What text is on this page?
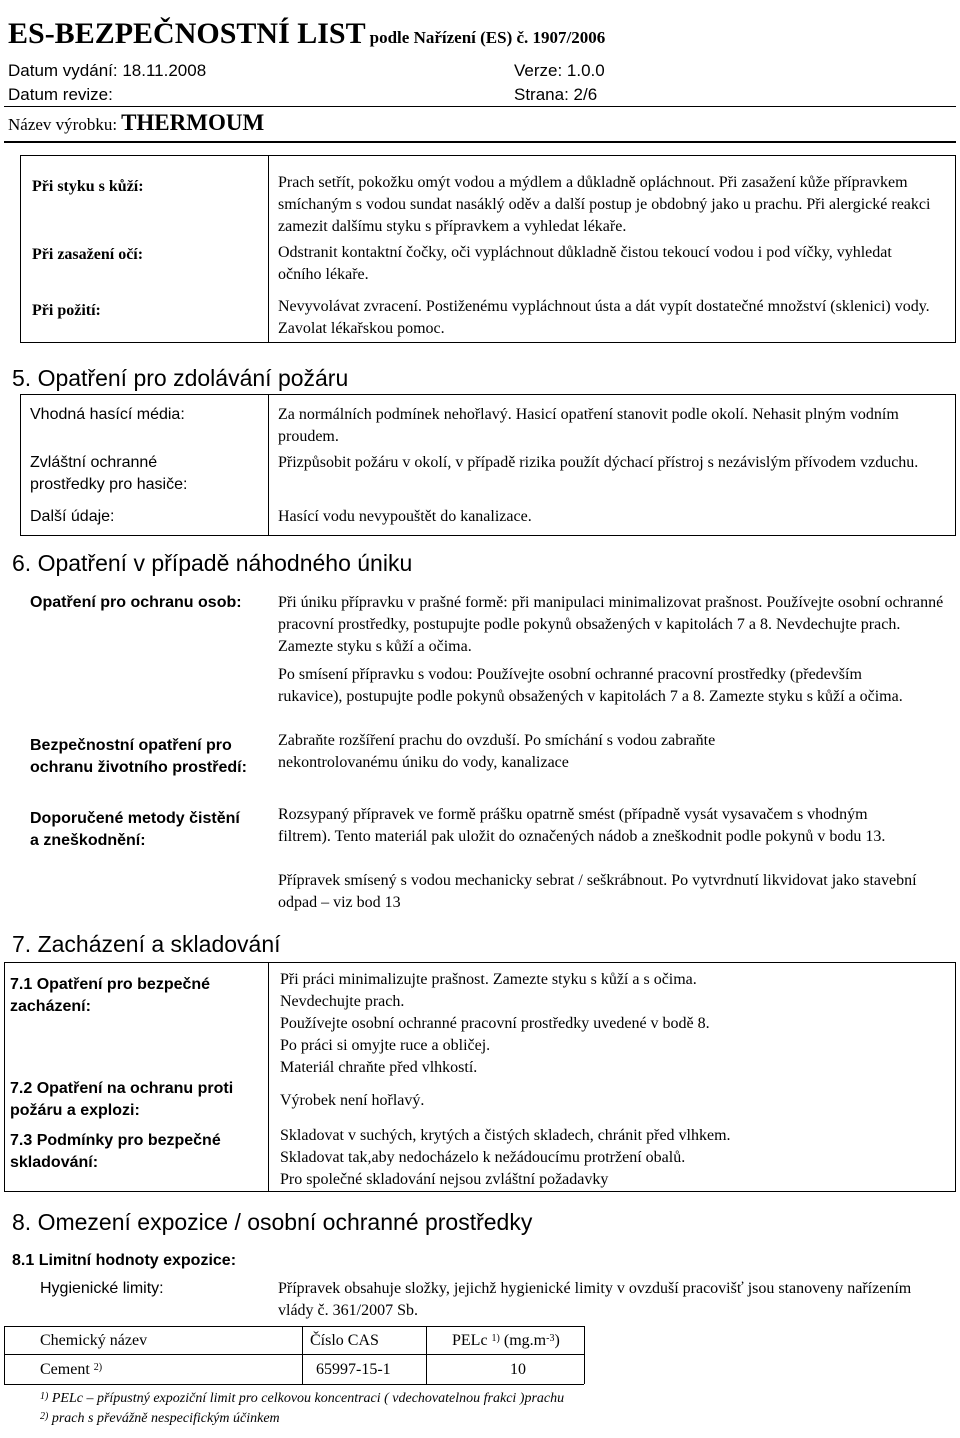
ES-BEZPEČNOSTNÍ LIST podle Nařízení (ES) č. 1907/2006
Datum vydání: 18.11.2008	Verze: 1.0.0
Datum revize:	Strana: 2/6
Název výrobku: THERMOUM
Při styku s kůží:	Prach setřít, pokožku omýt vodou a mýdlem a důkladně opláchnout. Při zasažení kůže přípravkem smíchaným s vodou sundat nasáklý oděv a další postup je obdobný jako u prachu. Při alergické reakci zamezit dalšímu styku s přípravkem a vyhledat lékaře.
Při zasažení očí:	Odstranit kontaktní čočky, oči vypláchnout důkladně čistou tekoucí vodou i pod víčky, vyhledat očního lékaře.
Při požití:	Nevyvolávat zvracení. Postiženému vypláchnout ústa a dát vypít dostatečné množství (sklenici) vody. Zavolat lékařskou pomoc.
5. Opatření pro zdolávání požáru
Vhodná hasící média:	Za normálních podmínek nehořlavý. Hasicí opatření stanovit podle okolí. Nehasit plným vodním proudem.
Zvláštní ochranné prostředky pro hasiče:
Přizpůsobit požáru v okolí, v případě rizika použít dýchací přístroj s nezávislým přívodem vzduchu.
Další údaje:	Hasící vodu nevypouštět do kanalizace.
6. Opatření v případě náhodného úniku
Opatření pro ochranu osob: Při úniku přípravku v prašné formě: při manipulaci minimalizovat prašnost. Používejte osobní ochranné pracovní prostředky, postupujte podle pokynů obsažených v kapitolách 7 a 8. Nevdechujte prach. Zamezte styku s kůží a očima.
Po smísení přípravku s vodou: Používejte osobní ochranné pracovní prostředky (především rukavice), postupujte podle pokynů obsažených v kapitolách 7 a 8. Zamezte styku s kůží a očima.
Bezpečnostní opatření pro ochranu životního prostředí:
Zabraňte rozšíření prachu do ovzduší. Po smíchání s vodou zabraňte nekontrolovanému úniku do vody, kanalizace
Doporučené metody čistění a zneškodnění:
Rozsypaný přípravek ve formě prášku opatrně smést (případně vysát vysavačem s vhodným filtrem). Tento materiál pak uložit do označených nádob a zneškodnit podle pokynů v bodu 13.
Přípravek smísený s vodou mechanicky sebrat / seškrábnout. Po vytvrdnutí likvidovat jako stavební odpad – viz bod 13
7. Zacházení a skladování
7.1 Opatření pro bezpečné zacházení:
Při práci minimalizujte prašnost. Zamezte styku s kůží a s očima.
Nevdechujte prach.
Používejte osobní ochranné pracovní prostředky uvedené v bodě 8.
Po práci si omyjte ruce a obličej.
Materiál chraňte před vlhkostí.
7.2 Opatření na ochranu proti požáru a explozi:
Výrobek není hořlavý.
7.3 Podmínky pro bezpečné skladování:
Skladovat v suchých, krytých a čistých skladech, chránit před vlhkem.
Skladovat tak,aby nedocházelo k nežádoucímu protržení obalů.
Pro společné skladování nejsou zvláštní požadavky
8. Omezení expozice / osobní ochranné prostředky
8.1 Limitní hodnoty expozice:
Hygienické limity:	Přípravek obsahuje složky, jejichž hygienické limity v ovzduší pracovišť jsou stanoveny nařízením vlády č. 361/2007 Sb.
Chemický název	Číslo CAS	PELc $^{1)}$ $(mg.m^{-3})$
Cement $^{2)}$	65997-15-1	10
$^{1)}$ PELc – přípustný expoziční limit pro celkovou koncentraci ( vdechovatelnou frakci )prachu
$^{2)}$ prach s převážně nespecifickým účinkem
